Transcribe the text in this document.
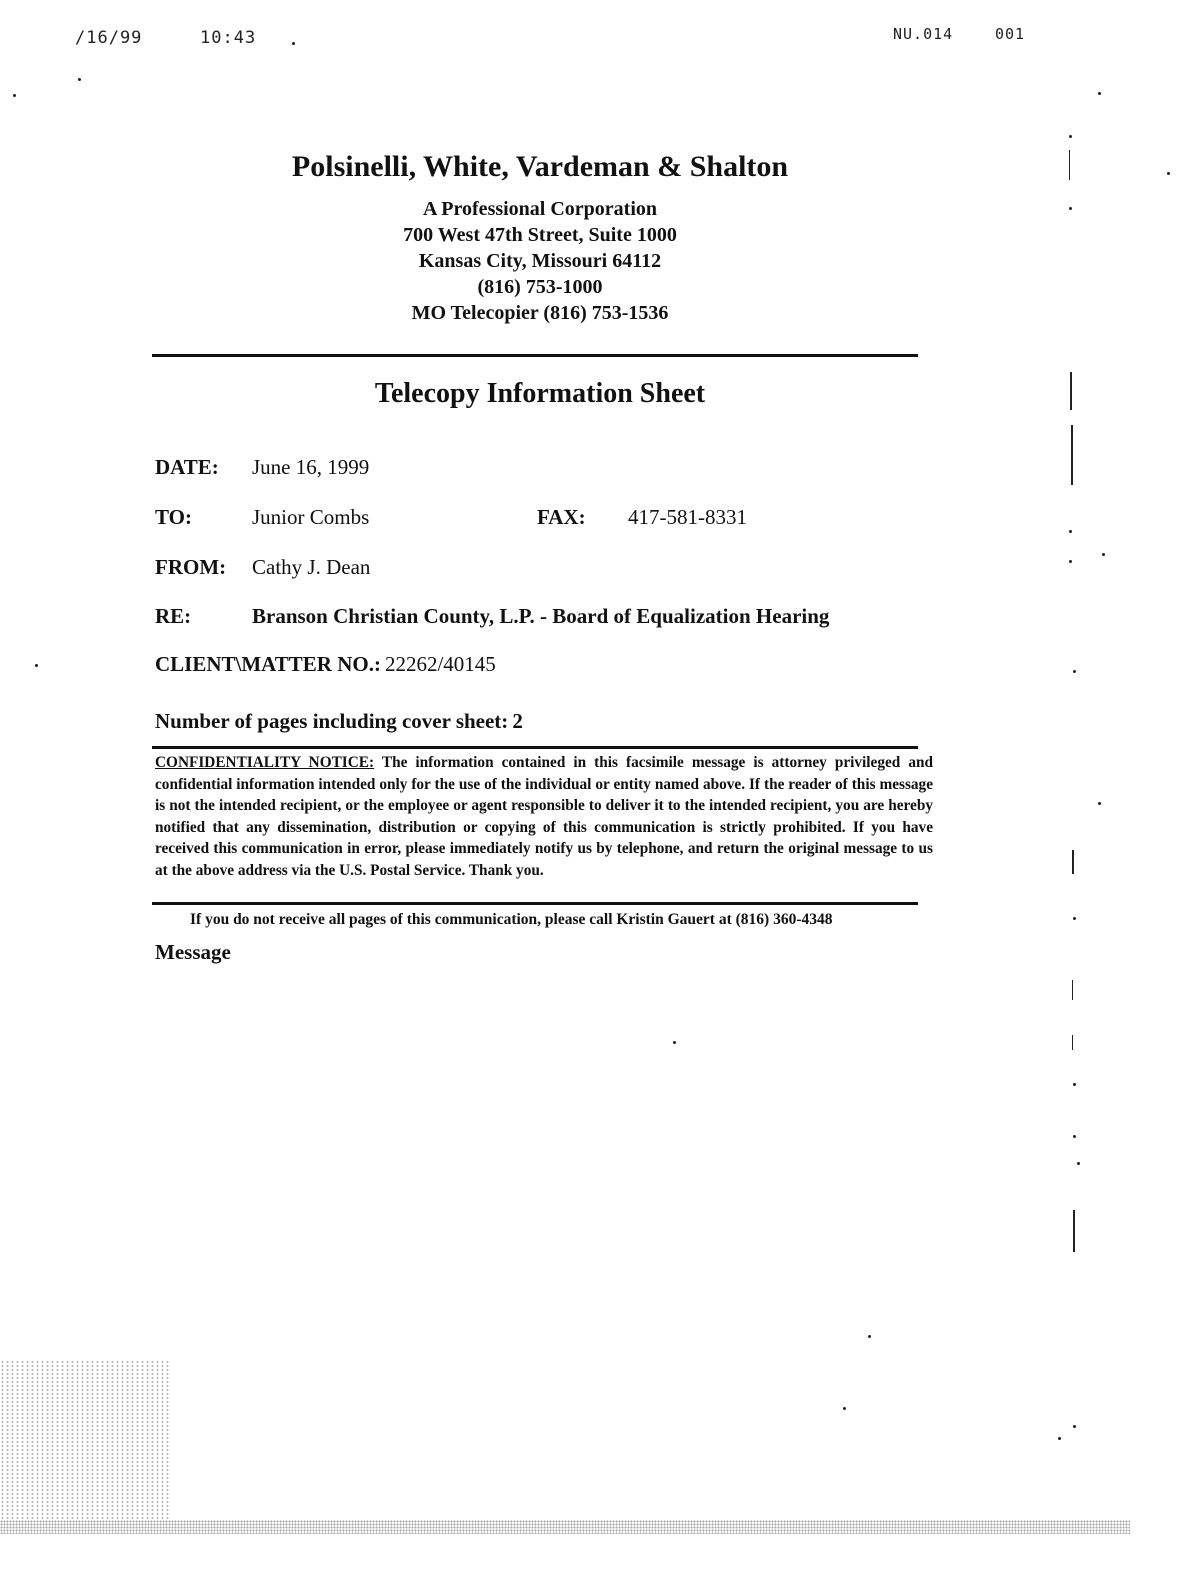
/16/99	10:43	NU.014	001
Polsinelli, White, Vardeman & Shalton
A Professional Corporation
700 West 47th Street, Suite 1000
Kansas City, Missouri 64112
(816) 753-1000
MO Telecopier (816) 753-1536
Telecopy Information Sheet
DATE: June 16, 1999
TO:	Junior Combs	FAX: 417-581-8331
FROM: Cathy J. Dean
RE:	Branson Christian County, L.P. - Board of Equalization Hearing
CLIENT\MATTER NO.: 22262/40145
Number of pages including cover sheet: 2

CONFIDENTIALITY NOTICE: The information contained in this facsimile message is attorney privileged and confidential information intended only for the use of the individual or entity named above. If the reader of this message is not the intended recipient, or the employee or agent responsible to deliver it to the intended recipient, you are hereby notified that any dissemination, distribution or copying of this communication is strictly prohibited. If you have received this communication in error, please immediately notify us by telephone, and return the original message to us at the above address via the U.S. Postal Service. Thank you.

If you do not receive all pages of this communication, please call Kristin Gauert at (816) 360-4348
Message
